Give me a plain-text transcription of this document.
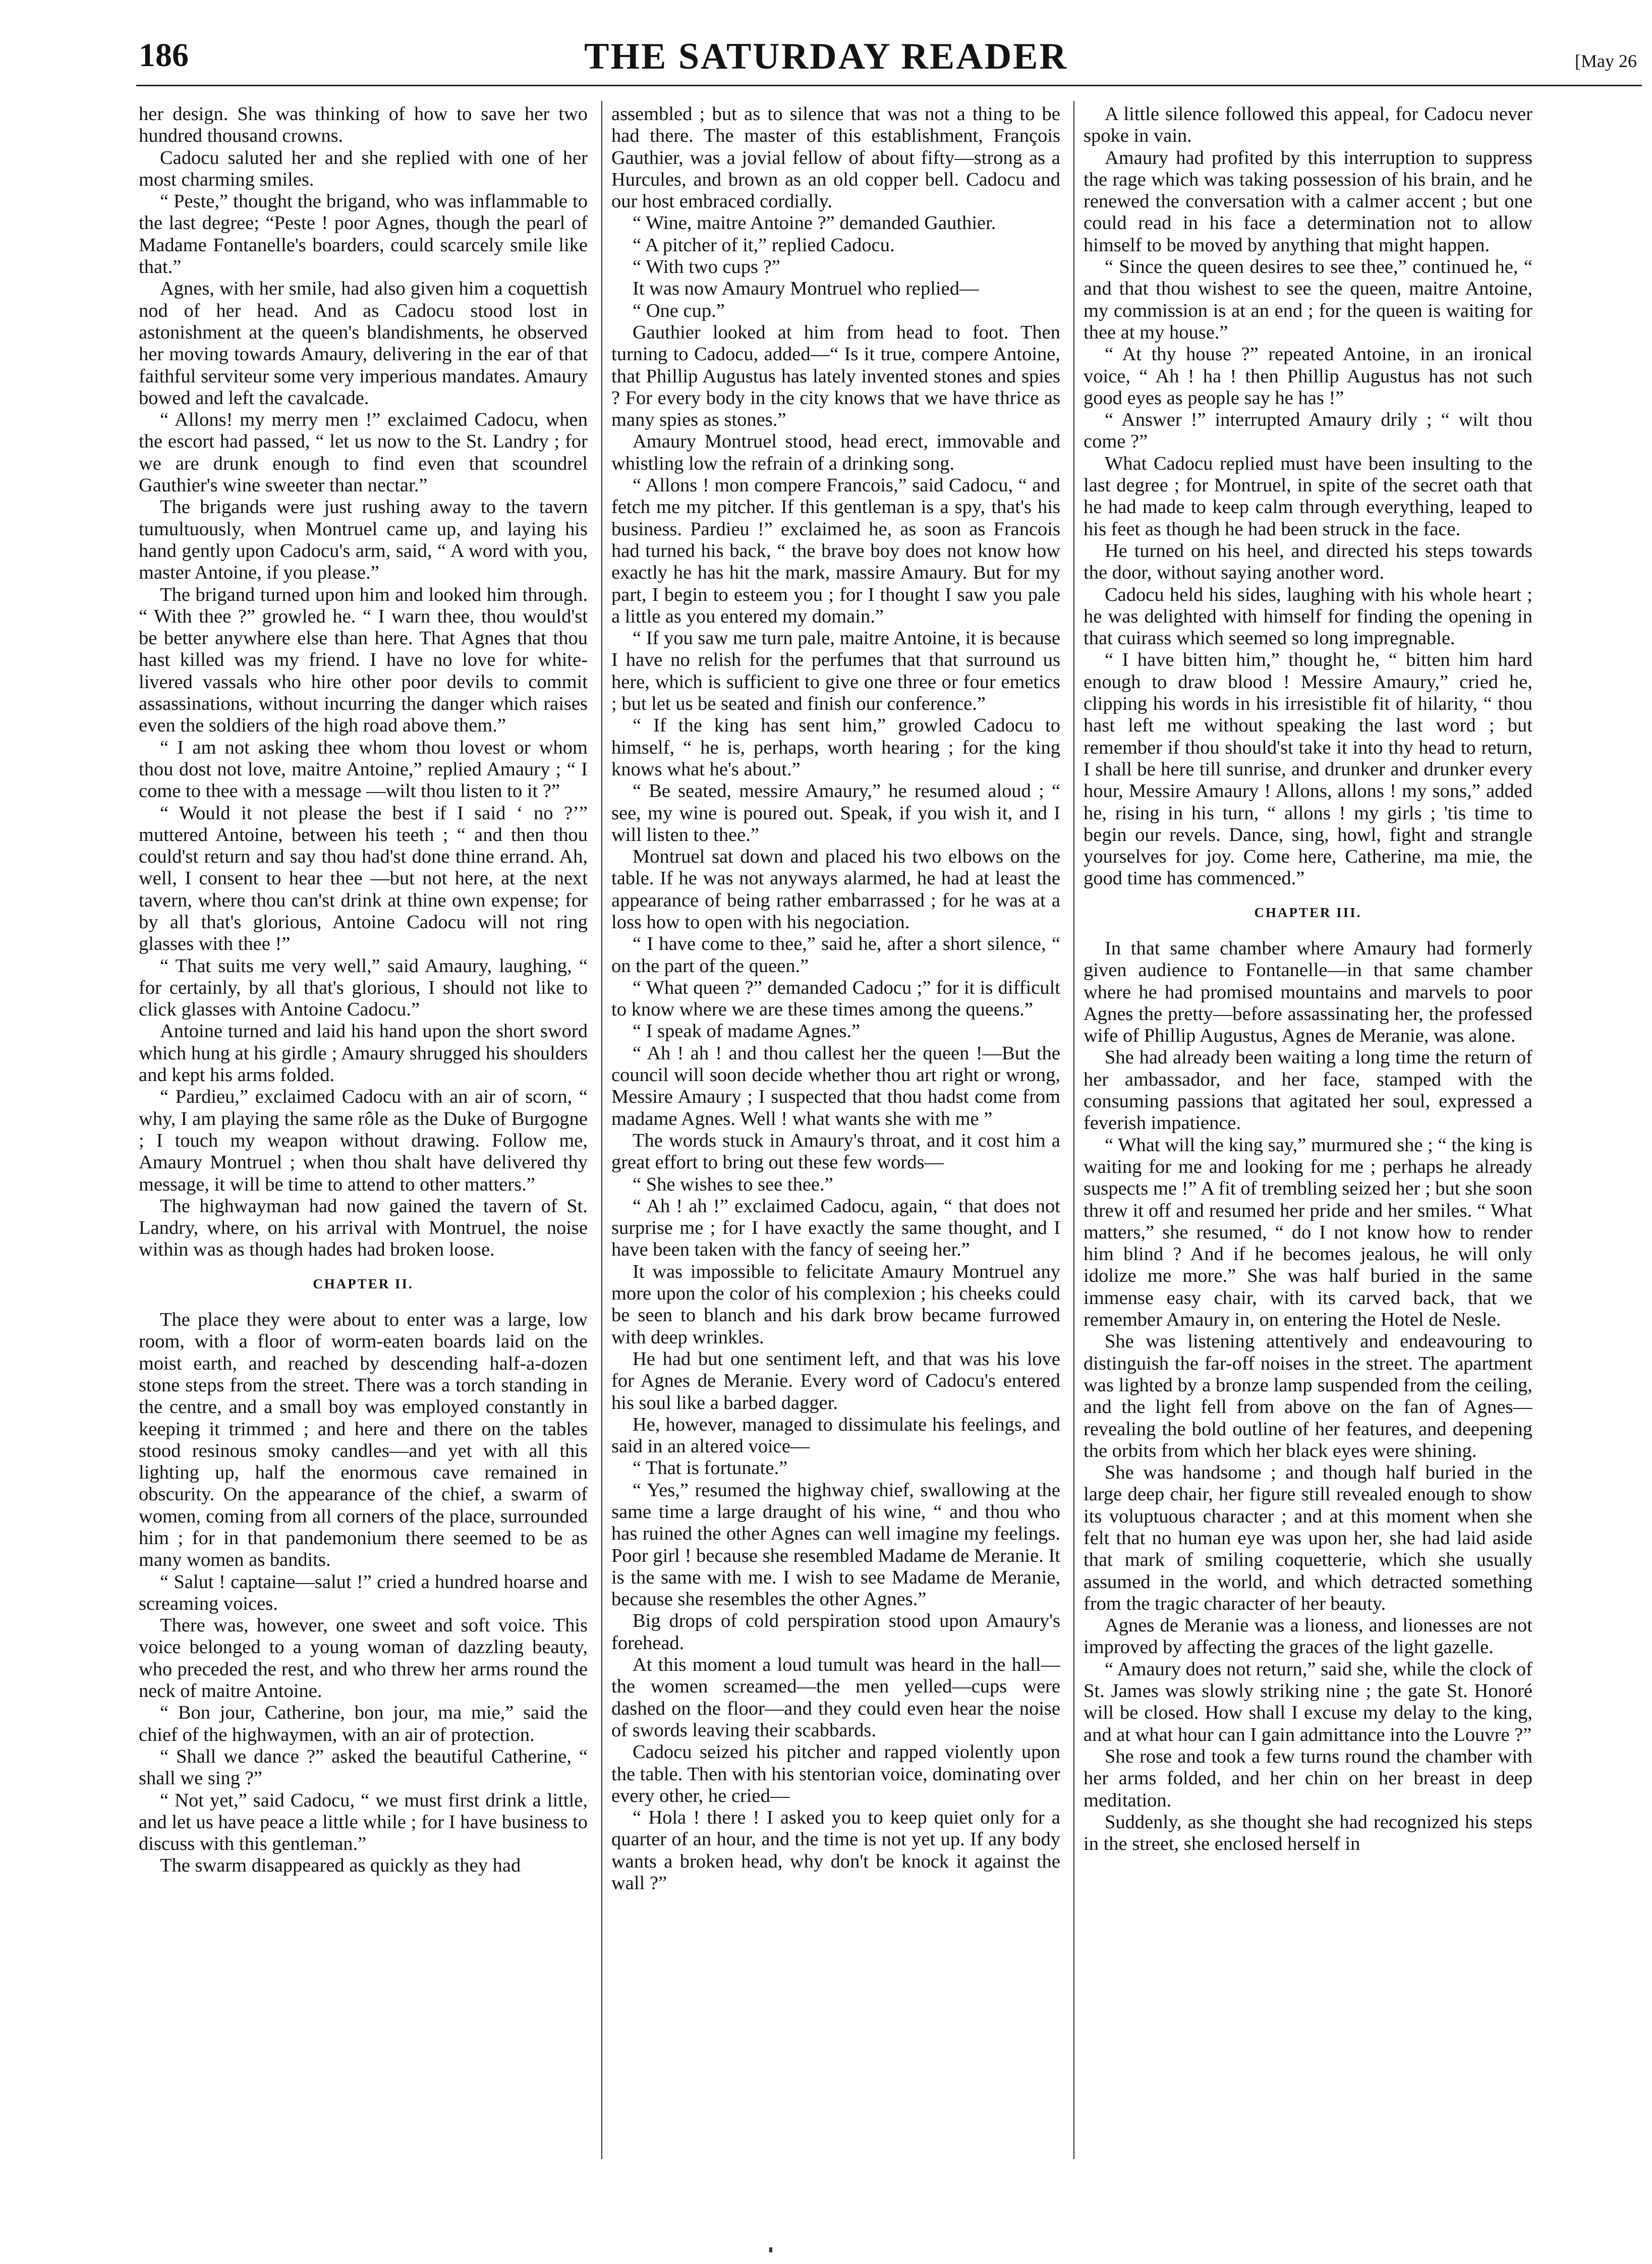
186	THE SATURDAY READER	[May 26

her design. She was thinking of how to save her two hundred thousand crowns.

Cadocu saluted her and she replied with one of her most charming smiles.

“ Peste,” thought the brigand, who was inflammable to the last degree; “Peste ! poor Agnes, though the pearl of Madame Fontanelle's boarders, could scarcely smile like that.”

Agnes, with her smile, had also given him a coquettish nod of her head. And as Cadocu stood lost in astonishment at the queen's blandishments, he observed her moving towards Amaury, delivering in the ear of that faithful serviteur some very imperious mandates. Amaury bowed and left the cavalcade.

“ Allons! my merry men !” exclaimed Cadocu, when the escort had passed, “ let us now to the St. Landry ; for we are drunk enough to find even that scoundrel Gauthier's wine sweeter than nectar.”

The brigands were just rushing away to the tavern tumultuously, when Montruel came up, and laying his hand gently upon Cadocu's arm, said, “ A word with you, master Antoine, if you please.”

The brigand turned upon him and looked him through. “ With thee ?” growled he. “ I warn thee, thou would'st be better anywhere else than here. That Agnes that thou hast killed was my friend. I have no love for white-livered vassals who hire other poor devils to commit assassinations, without incurring the danger which raises even the soldiers of the high road above them.”

“ I am not asking thee whom thou lovest or whom thou dost not love, maitre Antoine,” replied Amaury ; “ I come to thee with a message —wilt thou listen to it ?”

“ Would it not please the best if I said ‘ no ?’” muttered Antoine, between his teeth ; “ and then thou could'st return and say thou had'st done thine errand. Ah, well, I consent to hear thee —but not here, at the next tavern, where thou can'st drink at thine own expense; for by all that's glorious, Antoine Cadocu will not ring glasses with thee !”

“ That suits me very well,” said Amaury, laughing, “ for certainly, by all that's glorious, I should not like to click glasses with Antoine Cadocu.”

Antoine turned and laid his hand upon the short sword which hung at his girdle ; Amaury shrugged his shoulders and kept his arms folded.

“ Pardieu,” exclaimed Cadocu with an air of scorn, “ why, I am playing the same rôle as the Duke of Burgogne ; I touch my weapon without drawing. Follow me, Amaury Montruel ; when thou shalt have delivered thy message, it will be time to attend to other matters.”

The highwayman had now gained the tavern of St. Landry, where, on his arrival with Montruel, the noise within was as though hades had broken loose.

CHAPTER II.

The place they were about to enter was a large, low room, with a floor of worm-eaten boards laid on the moist earth, and reached by descending half-a-dozen stone steps from the street. There was a torch standing in the centre, and a small boy was employed constantly in keeping it trimmed ; and here and there on the tables stood resinous smoky candles—and yet with all this lighting up, half the enormous cave remained in obscurity. On the appearance of the chief, a swarm of women, coming from all corners of the place, surrounded him ; for in that pandemonium there seemed to be as many women as bandits.

“ Salut ! captaine—salut !” cried a hundred hoarse and screaming voices.

There was, however, one sweet and soft voice. This voice belonged to a young woman of dazzling beauty, who preceded the rest, and who threw her arms round the neck of maitre Antoine.

“ Bon jour, Catherine, bon jour, ma mie,” said the chief of the highwaymen, with an air of protection.

“ Shall we dance ?” asked the beautiful Catherine, “ shall we sing ?”

“ Not yet,” said Cadocu, “ we must first drink a little, and let us have peace a little while ; for I have business to discuss with this gentleman.”

The swarm disappeared as quickly as they had

assembled ; but as to silence that was not a thing to be had there. The master of this establishment, François Gauthier, was a jovial fellow of about fifty—strong as a Hurcules, and brown as an old copper bell. Cadocu and our host embraced cordially.

“ Wine, maitre Antoine ?” demanded Gauthier.

“ A pitcher of it,” replied Cadocu.

“ With two cups ?”

It was now Amaury Montruel who replied—

“ One cup.”

Gauthier looked at him from head to foot. Then turning to Cadocu, added—“ Is it true, compere Antoine, that Phillip Augustus has lately invented stones and spies ? For every body in the city knows that we have thrice as many spies as stones.”

Amaury Montruel stood, head erect, immovable and whistling low the refrain of a drinking song.

“ Allons ! mon compere Francois,” said Cadocu, “ and fetch me my pitcher. If this gentleman is a spy, that's his business. Pardieu !” exclaimed he, as soon as Francois had turned his back, “ the brave boy does not know how exactly he has hit the mark, massire Amaury. But for my part, I begin to esteem you ; for I thought I saw you pale a little as you entered my domain.”

“ If you saw me turn pale, maitre Antoine, it is because I have no relish for the perfumes that that surround us here, which is sufficient to give one three or four emetics ; but let us be seated and finish our conference.”

“ If the king has sent him,” growled Cadocu to himself, “ he is, perhaps, worth hearing ; for the king knows what he's about.”

“ Be seated, messire Amaury,” he resumed aloud ; “ see, my wine is poured out. Speak, if you wish it, and I will listen to thee.”

Montruel sat down and placed his two elbows on the table. If he was not anyways alarmed, he had at least the appearance of being rather embarrassed ; for he was at a loss how to open with his negociation.

“ I have come to thee,” said he, after a short silence, “ on the part of the queen.”

“ What queen ?” demanded Cadocu ;” for it is difficult to know where we are these times among the queens.”

“ I speak of madame Agnes.”

“ Ah ! ah ! and thou callest her the queen !—But the council will soon decide whether thou art right or wrong, Messire Amaury ; I suspected that thou hadst come from madame Agnes. Well ! what wants she with me ”

The words stuck in Amaury's throat, and it cost him a great effort to bring out these few words—

“ She wishes to see thee.”

“ Ah ! ah !” exclaimed Cadocu, again, “ that does not surprise me ; for I have exactly the same thought, and I have been taken with the fancy of seeing her.”

It was impossible to felicitate Amaury Montruel any more upon the color of his complexion ; his cheeks could be seen to blanch and his dark brow became furrowed with deep wrinkles.

He had but one sentiment left, and that was his love for Agnes de Meranie. Every word of Cadocu's entered his soul like a barbed dagger.

He, however, managed to dissimulate his feelings, and said in an altered voice—

“ That is fortunate.”

“ Yes,” resumed the highway chief, swallowing at the same time a large draught of his wine, “ and thou who has ruined the other Agnes can well imagine my feelings. Poor girl ! because she resembled Madame de Meranie. It is the same with me. I wish to see Madame de Meranie, because she resembles the other Agnes.”

Big drops of cold perspiration stood upon Amaury's forehead.

At this moment a loud tumult was heard in the hall—the women screamed—the men yelled—cups were dashed on the floor—and they could even hear the noise of swords leaving their scabbards.

Cadocu seized his pitcher and rapped violently upon the table. Then with his stentorian voice, dominating over every other, he cried—

“ Hola ! there ! I asked you to keep quiet only for a quarter of an hour, and the time is not yet up. If any body wants a broken head, why don't be knock it against the wall ?”

A little silence followed this appeal, for Cadocu never spoke in vain.

Amaury had profited by this interruption to suppress the rage which was taking possession of his brain, and he renewed the conversation with a calmer accent ; but one could read in his face a determination not to allow himself to be moved by anything that might happen.

“ Since the queen desires to see thee,” continued he, “ and that thou wishest to see the queen, maitre Antoine, my commission is at an end ; for the queen is waiting for thee at my house.”

“ At thy house ?” repeated Antoine, in an ironical voice, “ Ah ! ha ! then Phillip Augustus has not such good eyes as people say he has !”

“ Answer !” interrupted Amaury drily ; “ wilt thou come ?”

What Cadocu replied must have been insulting to the last degree ; for Montruel, in spite of the secret oath that he had made to keep calm through everything, leaped to his feet as though he had been struck in the face.

He turned on his heel, and directed his steps towards the door, without saying another word.

Cadocu held his sides, laughing with his whole heart ; he was delighted with himself for finding the opening in that cuirass which seemed so long impregnable.

“ I have bitten him,” thought he, “ bitten him hard enough to draw blood ! Messire Amaury,” cried he, clipping his words in his irresistible fit of hilarity, “ thou hast left me without speaking the last word ; but remember if thou should'st take it into thy head to return, I shall be here till sunrise, and drunker and drunker every hour, Messire Amaury ! Allons, allons ! my sons,” added he, rising in his turn, “ allons ! my girls ; 'tis time to begin our revels. Dance, sing, howl, fight and strangle yourselves for joy. Come here, Catherine, ma mie, the good time has commenced.”

CHAPTER III.

In that same chamber where Amaury had formerly given audience to Fontanelle—in that same chamber where he had promised mountains and marvels to poor Agnes the pretty—before assassinating her, the professed wife of Phillip Augustus, Agnes de Meranie, was alone.

She had already been waiting a long time the return of her ambassador, and her face, stamped with the consuming passions that agitated her soul, expressed a feverish impatience.

“ What will the king say,” murmured she ; “ the king is waiting for me and looking for me ; perhaps he already suspects me !” A fit of trembling seized her ; but she soon threw it off and resumed her pride and her smiles. “ What matters,” she resumed, “ do I not know how to render him blind ? And if he becomes jealous, he will only idolize me more.” She was half buried in the same immense easy chair, with its carved back, that we remember Amaury in, on entering the Hotel de Nesle.

She was listening attentively and endeavouring to distinguish the far-off noises in the street. The apartment was lighted by a bronze lamp suspended from the ceiling, and the light fell from above on the fan of Agnes—revealing the bold outline of her features, and deepening the orbits from which her black eyes were shining.

She was handsome ; and though half buried in the large deep chair, her figure still revealed enough to show its voluptuous character ; and at this moment when she felt that no human eye was upon her, she had laid aside that mark of smiling coquetterie, which she usually assumed in the world, and which detracted something from the tragic character of her beauty.

Agnes de Meranie was a lioness, and lionesses are not improved by affecting the graces of the light gazelle.

“ Amaury does not return,” said she, while the clock of St. James was slowly striking nine ; the gate St. Honoré will be closed. How shall I excuse my delay to the king, and at what hour can I gain admittance into the Louvre ?”

She rose and took a few turns round the chamber with her arms folded, and her chin on her breast in deep meditation.

Suddenly, as she thought she had recognized his steps in the street, she enclosed herself in
